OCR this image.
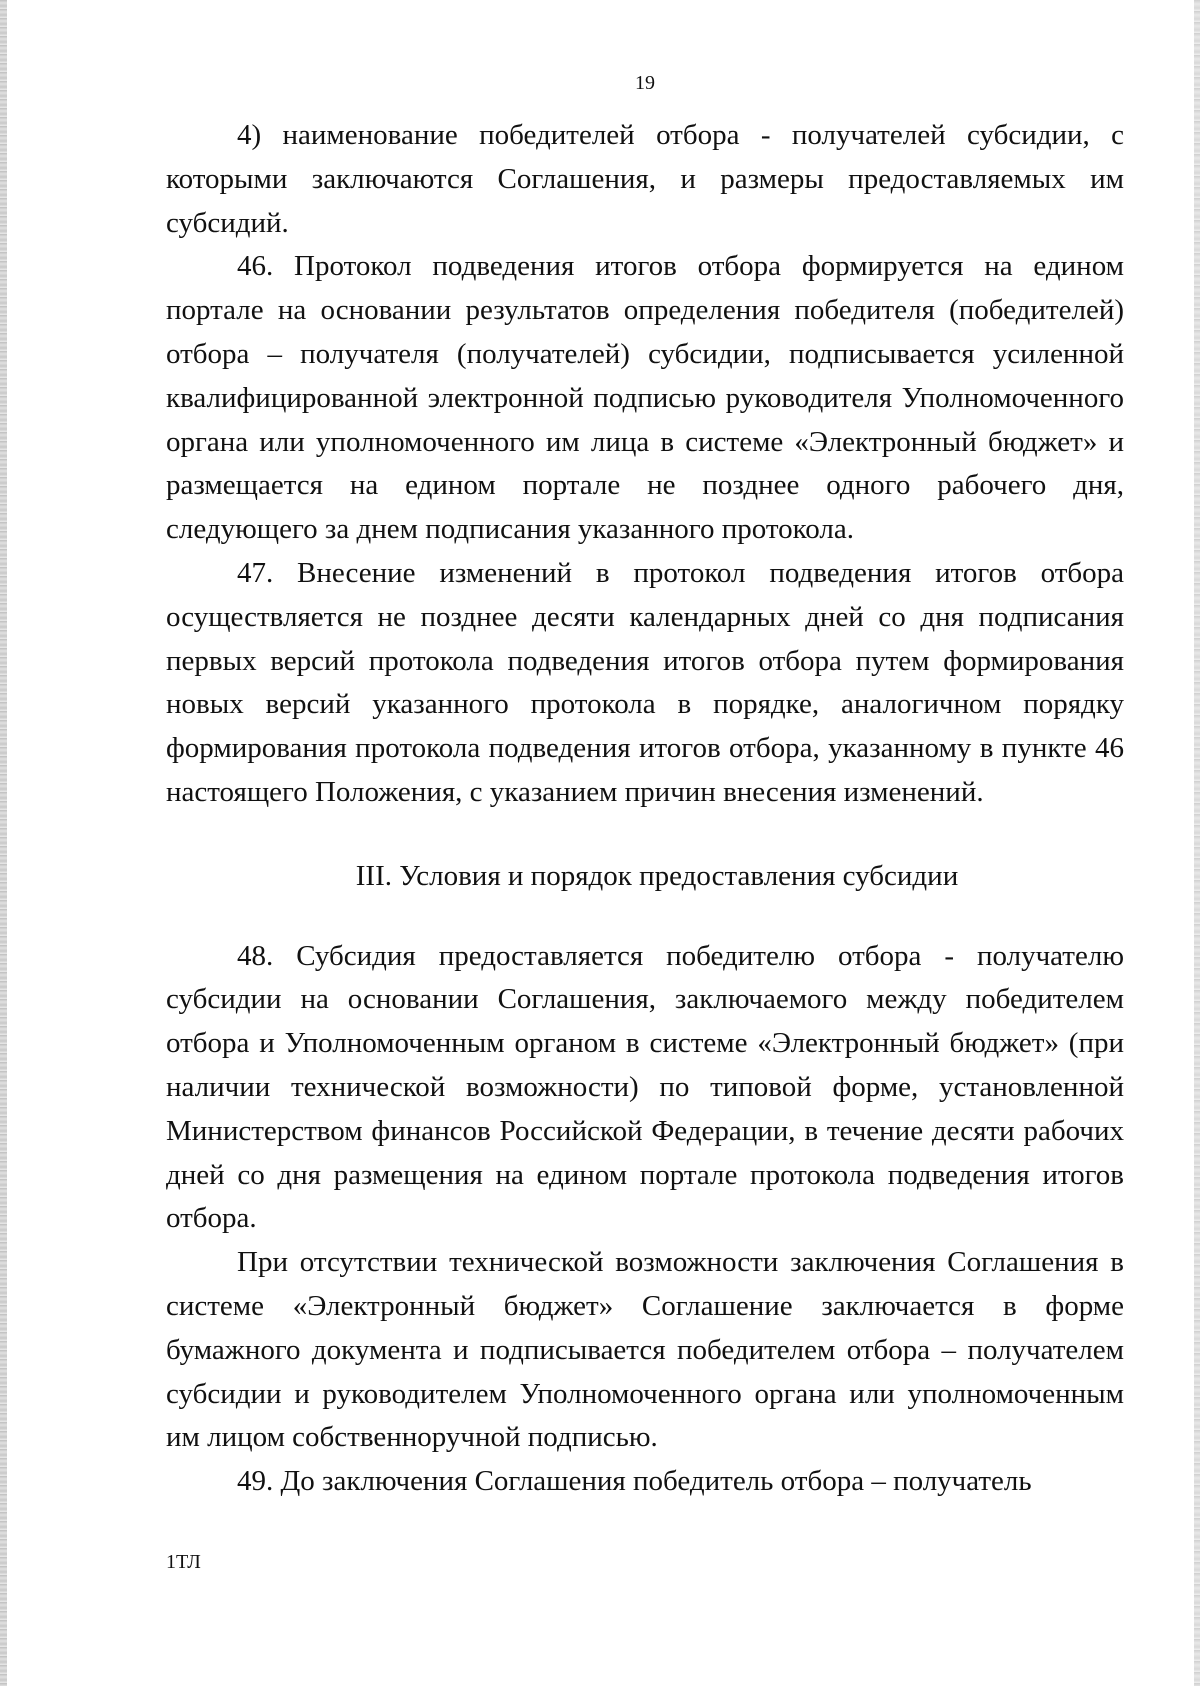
19

4) наименование победителей отбора - получателей субсидии, с которыми заключаются Соглашения, и размеры предоставляемых им субсидий.

46. Протокол подведения итогов отбора формируется на едином портале на основании результатов определения победителя (победителей) отбора – получателя (получателей) субсидии, подписывается усиленной квалифицированной электронной подписью руководителя Уполномоченного органа или уполномоченного им лица в системе «Электронный бюджет» и размещается на едином портале не позднее одного рабочего дня, следующего за днем подписания указанного протокола.

47. Внесение изменений в протокол подведения итогов отбора осуществляется не позднее десяти календарных дней со дня подписания первых версий протокола подведения итогов отбора путем формирования новых версий указанного протокола в порядке, аналогичном порядку формирования протокола подведения итогов отбора, указанному в пункте 46 настоящего Положения, с указанием причин внесения изменений.

III. Условия и порядок предоставления субсидии

48. Субсидия предоставляется победителю отбора - получателю субсидии на основании Соглашения, заключаемого между победителем отбора и Уполномоченным органом в системе «Электронный бюджет» (при наличии технической возможности) по типовой форме, установленной Министерством финансов Российской Федерации, в течение десяти рабочих дней со дня размещения на едином портале протокола подведения итогов отбора.

При отсутствии технической возможности заключения Соглашения в системе «Электронный бюджет» Соглашение заключается в форме бумажного документа и подписывается победителем отбора – получателем субсидии и руководителем Уполномоченного органа или уполномоченным им лицом собственноручной подписью.

49. До заключения Соглашения победитель отбора – получатель

1ТЛ
